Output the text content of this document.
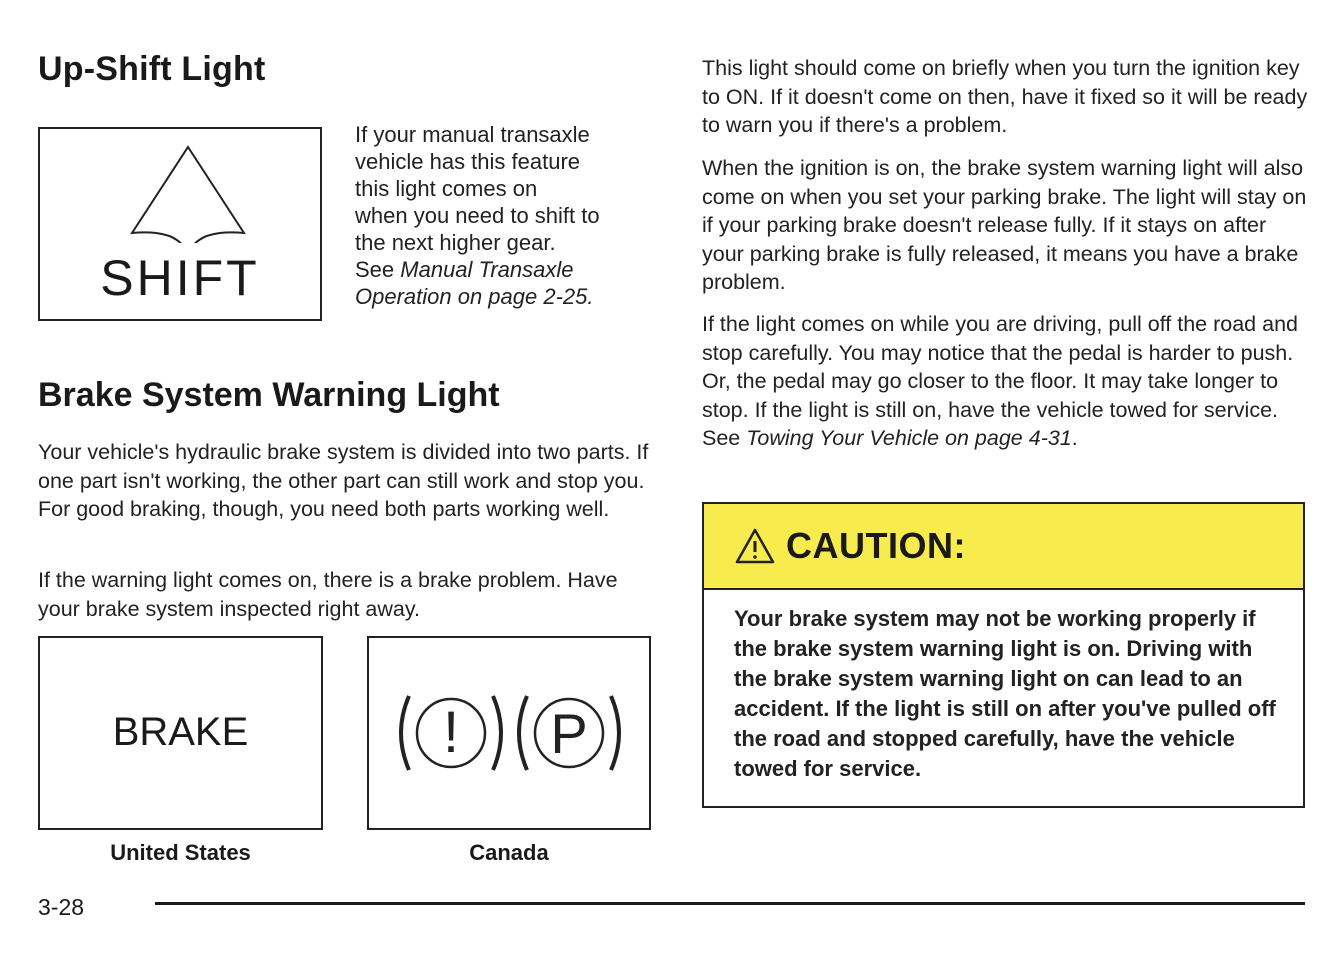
Up-Shift Light
SHIFT

If your manual transaxle

vehicle has this feature

this light comes on

when you need to shift to

the next higher gear.

See Manual Transaxle

Operation on page 2-25.

Brake System Warning Light

Your vehicle's hydraulic brake system is divided into two parts. If one part isn't working, the other part can still work and stop you. For good braking, though, you need both parts working well.

If the warning light comes on, there is a brake problem. Have your brake system inspected right away.

BRAKE	! P
United States	Canada

This light should come on briefly when you turn the ignition key to ON. If it doesn't come on then, have it fixed so it will be ready to warn you if there's a problem.

When the ignition is on, the brake system warning light will also come on when you set your parking brake. The light will stay on if your parking brake doesn't release fully. If it stays on after your parking brake is fully released, it means you have a brake problem.

If the light comes on while you are driving, pull off the road and stop carefully. You may notice that the pedal is harder to push. Or, the pedal may go closer to the floor. It may take longer to stop. If the light is still on, have the vehicle towed for service. See Towing Your Vehicle on page 4-31.

CAUTION:
Your brake system may not be working properly if the brake system warning light is on. Driving with the brake system warning light on can lead to an accident. If the light is still on after you've pulled off the road and stopped carefully, have the vehicle towed for service.
3-28
